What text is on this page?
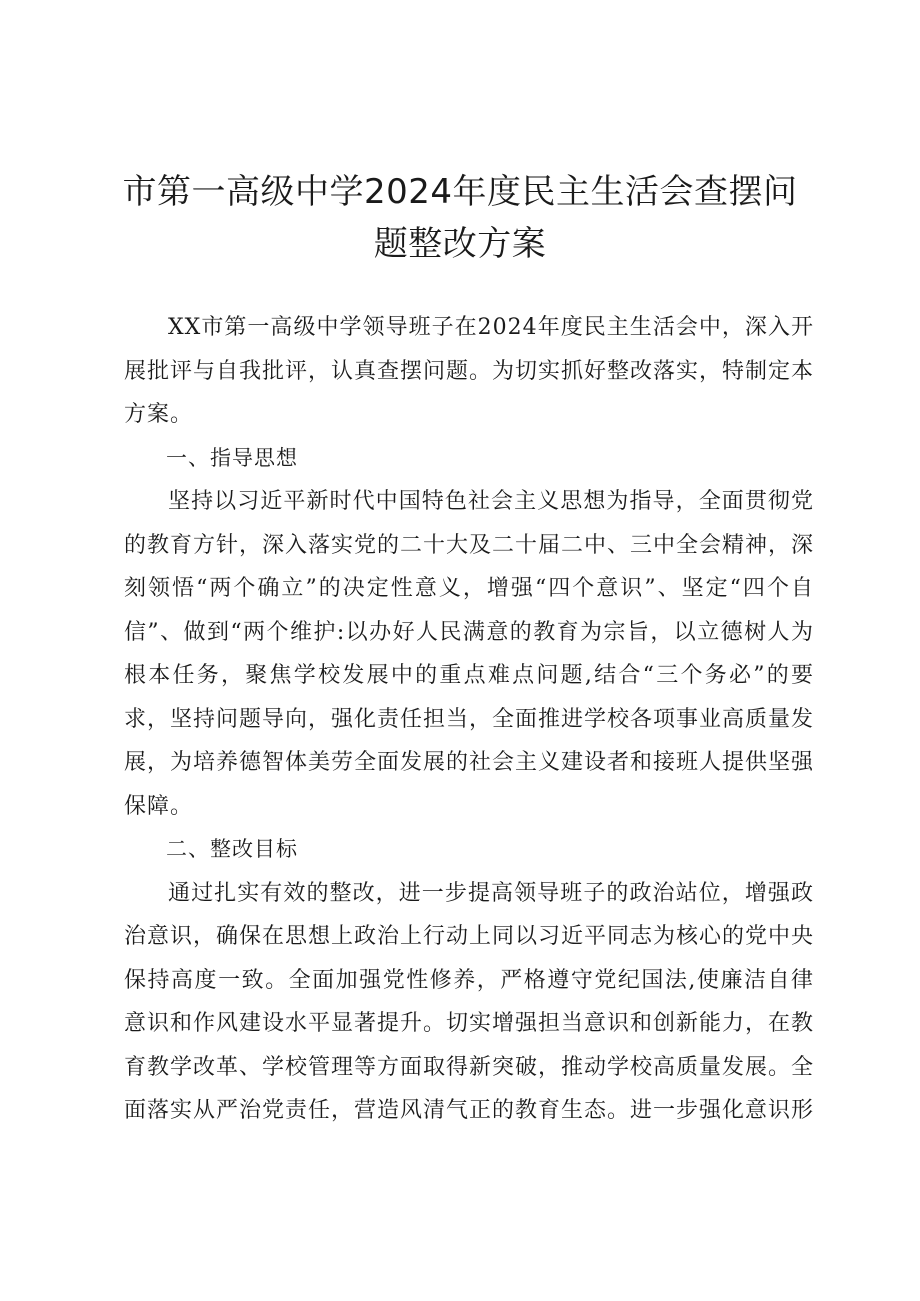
市第一高级中学2024年度民主生活会查摆问题整改方案

XX市第一高级中学领导班子在2024年度民主生活会中，深入开展批评与自我批评，认真查摆问题。为切实抓好整改落实，特制定本方案。

一、指导思想

坚持以习近平新时代中国特色社会主义思想为指导，全面贯彻党的教育方针，深入落实党的二十大及二十届二中、三中全会精神，深刻领悟“两个确立”的决定性意义，增强“四个意识”、坚定“四个自信”、做到“两个维护:以办好人民满意的教育为宗旨，以立德树人为根本任务，聚焦学校发展中的重点难点问题,结合“三个务必”的要求，坚持问题导向，强化责任担当，全面推进学校各项事业高质量发展，为培养德智体美劳全面发展的社会主义建设者和接班人提供坚强保障。

二、整改目标

通过扎实有效的整改，进一步提高领导班子的政治站位，增强政治意识，确保在思想上政治上行动上同以习近平同志为核心的党中央保持高度一致。全面加强党性修养，严格遵守党纪国法,使廉洁自律意识和作风建设水平显著提升。切实增强担当意识和创新能力，在教育教学改革、学校管理等方面取得新突破，推动学校高质量发展。全面落实从严治党责任，营造风清气正的教育生态。进一步强化意识形
